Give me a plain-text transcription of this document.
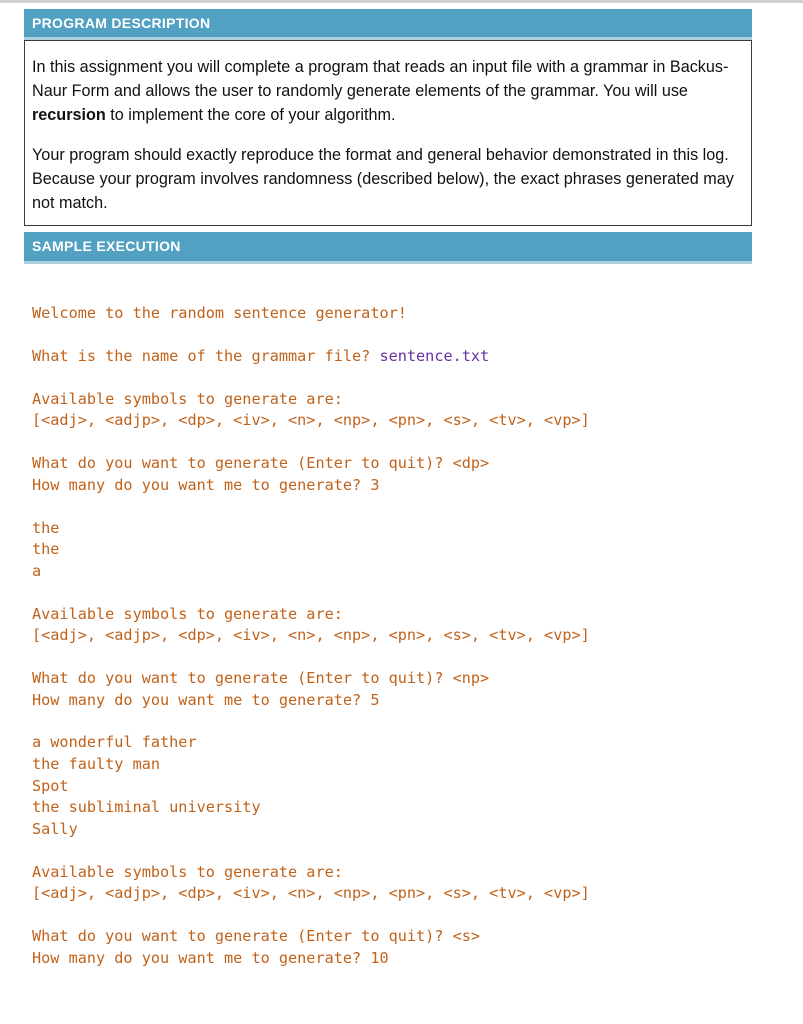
PROGRAM DESCRIPTION

In this assignment you will complete a program that reads an input file with a grammar in Backus-Naur Form and allows the user to randomly generate elements of the grammar. You will use recursion to implement the core of your algorithm.

Your program should exactly reproduce the format and general behavior demonstrated in this log. Because your program involves randomness (described below), the exact phrases generated may not match.

SAMPLE EXECUTION
Welcome to the random sentence generator!
What is the name of the grammar file? sentence.txt
Available symbols to generate are:
[<adj>, <adjp>, <dp>, <iv>, <n>, <np>, <pn>, <s>, <tv>, <vp>]
What do you want to generate (Enter to quit)? <dp>
How many do you want me to generate? 3
the
the
a
Available symbols to generate are:
[<adj>, <adjp>, <dp>, <iv>, <n>, <np>, <pn>, <s>, <tv>, <vp>]
What do you want to generate (Enter to quit)? <np>
How many do you want me to generate? 5
a wonderful father
the faulty man
Spot
the subliminal university
Sally
Available symbols to generate are:
[<adj>, <adjp>, <dp>, <iv>, <n>, <np>, <pn>, <s>, <tv>, <vp>]
What do you want to generate (Enter to quit)? <s>
How many do you want me to generate? 10
